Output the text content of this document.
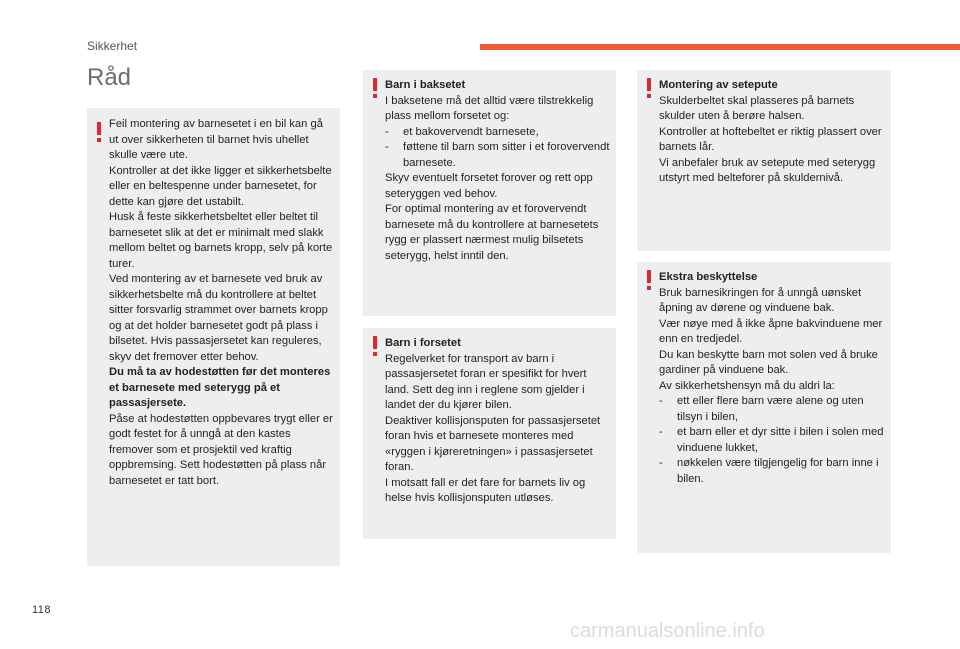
Sikkerhet
Råd

Feil montering av barnesetet i en bil kan gå ut over sikkerheten til barnet hvis uhellet skulle være ute.

Kontroller at det ikke ligger et sikkerhetsbelte eller en beltespenne under barnesetet, for dette kan gjøre det ustabilt.

Husk å feste sikkerhetsbeltet eller beltet til barnesetet slik at det er minimalt med slakk mellom beltet og barnets kropp, selv på korte turer.

Ved montering av et barnesete ved bruk av sikkerhetsbelte må du kontrollere at beltet sitter forsvarlig strammet over barnets kropp og at det holder barnesetet godt på plass i bilsetet. Hvis passasjersetet kan reguleres, skyv det fremover etter behov.

Du må ta av hodestøtten før det monteres et barnesete med seterygg på et passasjersete.

Påse at hodestøtten oppbevares trygt eller er godt festet for å unngå at den kastes fremover som et prosjektil ved kraftig oppbremsing. Sett hodestøtten på plass når barnesetet er tatt bort.

Barn i baksetet

I baksetene må det alltid være tilstrekkelig plass mellom forsetet og:

- et bakovervendt barnesete,
- føttene til barn som sitter i et forovervendt barnesete.

Skyv eventuelt forsetet forover og rett opp seteryggen ved behov.

For optimal montering av et forovervendt barnesete må du kontrollere at barnesetets rygg er plassert nærmest mulig bilsetets seterygg, helst inntil den.

Barn i forsetet

Regelverket for transport av barn i passasjersetet foran er spesifikt for hvert land. Sett deg inn i reglene som gjelder i landet der du kjører bilen.

Deaktiver kollisjonsputen for passasjersetet foran hvis et barnesete monteres med «ryggen i kjøreretningen» i passasjersetet foran.

I motsatt fall er det fare for barnets liv og helse hvis kollisjonsputen utløses.

Montering av setepute

Skulderbeltet skal plasseres på barnets skulder uten å berøre halsen.

Kontroller at hoftebeltet er riktig plassert over barnets lår.

Vi anbefaler bruk av setepute med seterygg utstyrt med belteforer på skuldernivå.

Ekstra beskyttelse

Bruk barnesikringen for å unngå uønsket åpning av dørene og vinduene bak.

Vær nøye med å ikke åpne bakvinduene mer enn en tredjedel.

Du kan beskytte barn mot solen ved å bruke gardiner på vinduene bak.

Av sikkerhetshensyn må du aldri la:

- ett eller flere barn være alene og uten tilsyn i bilen,
- et barn eller et dyr sitte i bilen i solen med vinduene lukket,
- nøkkelen være tilgjengelig for barn inne i bilen.
118
carmanualsonline.info
